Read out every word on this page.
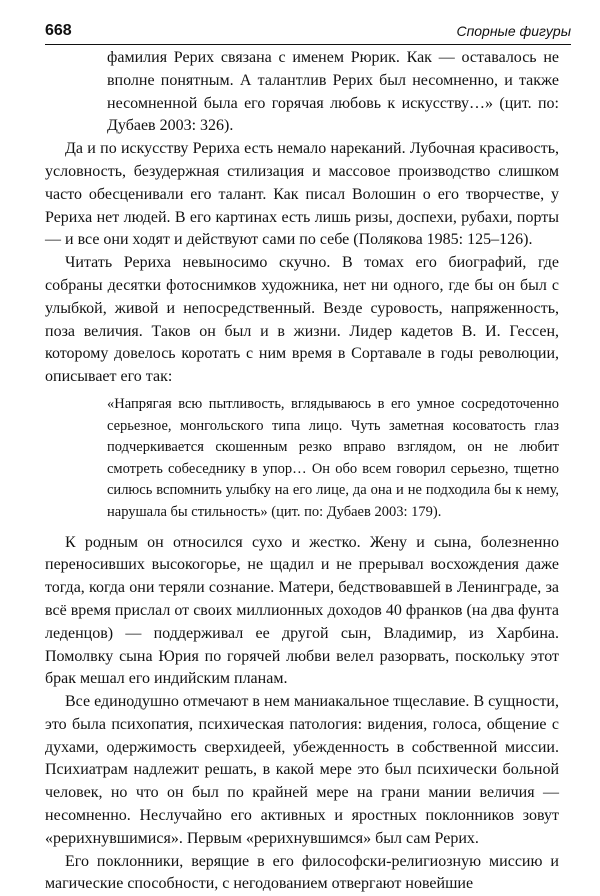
668	Спорные фигуры

фамилия Рерих связана с именем Рюрик. Как — оставалось не вполне понятным. А талантлив Рерих был несомненно, и также несомненной была его горячая любовь к искусству…» (цит. по: Дубаев 2003: 326).

Да и по искусству Рериха есть немало нареканий. Лубочная красивость, условность, безудержная стилизация и массовое производство слишком часто обесценивали его талант. Как писал Волошин о его творчестве, у Рериха нет людей. В его картинах есть лишь ризы, доспехи, рубахи, порты — и все они ходят и действуют сами по себе (Полякова 1985: 125–126).

Читать Рериха невыносимо скучно. В томах его биографий, где собраны десятки фотоснимков художника, нет ни одного, где бы он был с улыбкой, живой и непосредственный. Везде суровость, напряженность, поза величия. Таков он был и в жизни. Лидер кадетов В. И. Гессен, которому довелось коротать с ним время в Сортавале в годы революции, описывает его так:

«Напрягая всю пытливость, вглядываюсь в его умное сосредоточенно серьезное, монгольского типа лицо. Чуть заметная косоватость глаз подчеркивается скошенным резко вправо взглядом, он не любит смотреть собеседнику в упор… Он обо всем говорил серьезно, тщетно силюсь вспомнить улыбку на его лице, да она и не подходила бы к нему, нарушала бы стильность» (цит. по: Дубаев 2003: 179).

К родным он относился сухо и жестко. Жену и сына, болезненно переносивших высокогорье, не щадил и не прерывал восхождения даже тогда, когда они теряли сознание. Матери, бедствовавшей в Ленинграде, за всё время прислал от своих миллионных доходов 40 франков (на два фунта леденцов) — поддерживал ее другой сын, Владимир, из Харбина. Помолвку сына Юрия по горячей любви велел разорвать, поскольку этот брак мешал его индийским планам.

Все единодушно отмечают в нем маниакальное тщеславие. В сущности, это была психопатия, психическая патология: видения, голоса, общение с духами, одержимость сверхидеей, убежденность в собственной миссии. Психиатрам надлежит решать, в какой мере это был психически больной человек, но что он был по крайней мере на грани мании величия — несомненно. Неслучайно его активных и яростных поклонников зовут «рерихнувшимися». Первым «рерихнувшимся» был сам Рерих.

Его поклонники, верящие в его философски-религиозную миссию и магические способности, с негодованием отвергают новейшие
